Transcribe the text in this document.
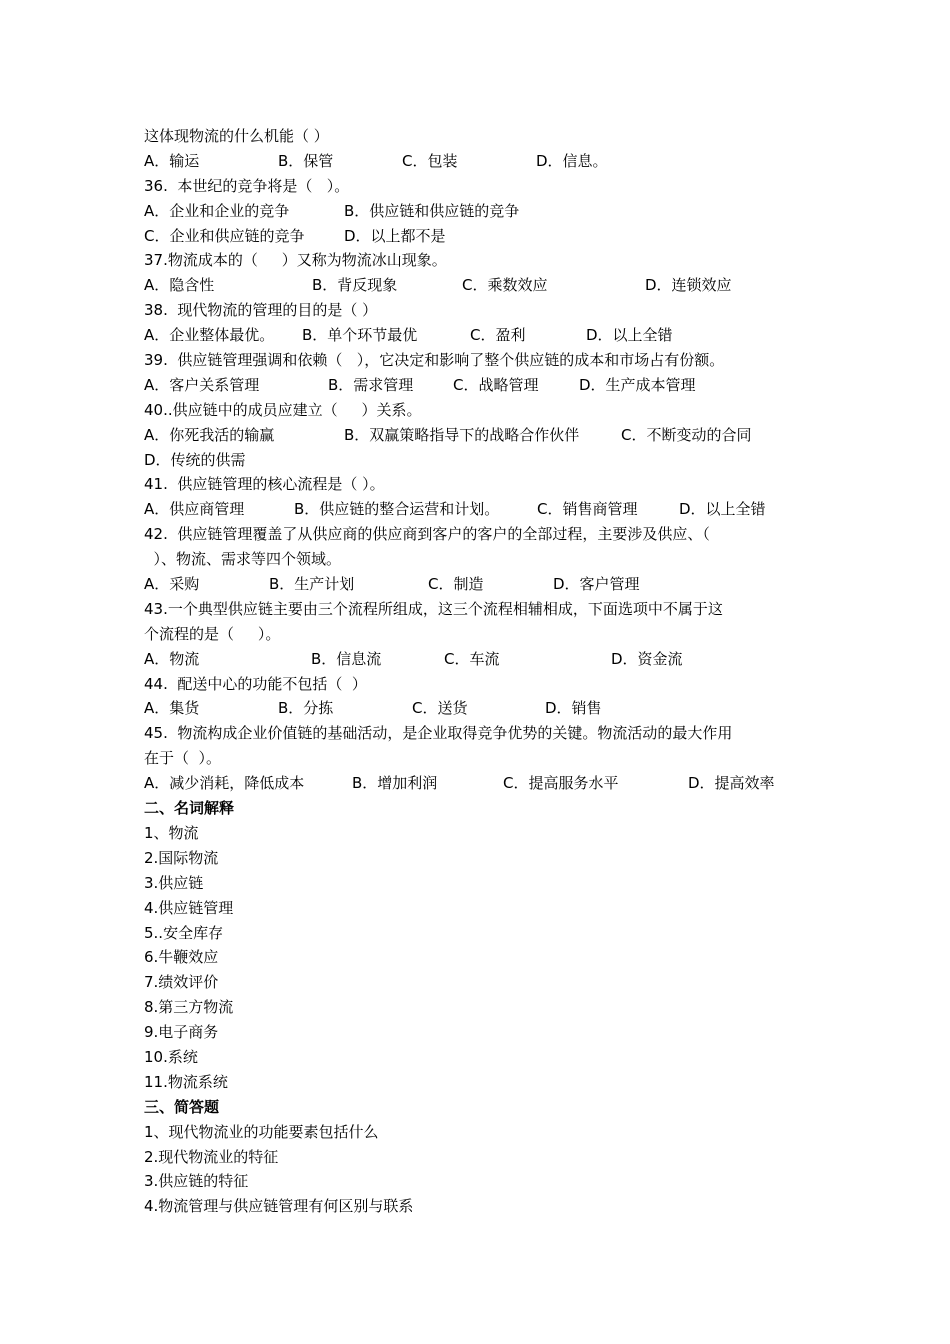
这体现物流的什么机能（ ）

A．输运

	B．保管

	C．包装

	D．信息。

36.  本世纪的竞争将是（   ）。

A．企业和企业的竞争

	B．供应链和供应链的竞争

C．企业和供应链的竞争

	D．以上都不是

37.物流成本的（     ）又称为物流冰山现象。

A．隐含性

	B．背反现象

	C．乘数效应

	D．连锁效应

38.  现代物流的管理的目的是（ ）

A．企业整体最优。

B．单个环节最优

	C．盈利

	D．以上全错

39.  供应链管理强调和依赖（   ），它决定和影响了整个供应链的成本和市场占有份额。

A．客户关系管理

	B．需求管理

	C．战略管理

	D．生产成本管理

40..供应链中的成员应建立（     ）关系。

A．你死我活的输赢

	B．双赢策略指导下的战略合作伙伴

	C．不断变动的合同

D．传统的供需

41.  供应链管理的核心流程是（ ）。

A．供应商管理

	B．供应链的整合运营和计划。

	C．销售商管理

	D．以上全错

42.  供应链管理覆盖了从供应商的供应商到客户的客户的全部过程，主要涉及供应、（
）、物流、需求等四个领域。

A．采购

	B．生产计划

	C．制造

	D．客户管理

43.一个典型供应链主要由三个流程所组成，这三个流程相辅相成，下面选项中不属于这
个流程的是（     ）。

A．物流

	B．信息流

	C．车流

	D．资金流

44.  配送中心的功能不包括（  ）

A．集货

	B．分拣

	C．送货

	D．销售

45.  物流构成企业价值链的基础活动，是企业取得竞争优势的关键。物流活动的最大作用
在于（  ）。

A．减少消耗，降低成本

	B．增加利润

	C．提高服务水平

	D．提高效率

二、名词解释
1、物流
2.国际物流
3.供应链
4.供应链管理
5..安全库存
6.牛鞭效应
7.绩效评价
8.第三方物流
9.电子商务
10.系统
11.物流系统
三、简答题
1、现代物流业的功能要素包括什么
2.现代物流业的特征
3.供应链的特征
4.物流管理与供应链管理有何区别与联系
